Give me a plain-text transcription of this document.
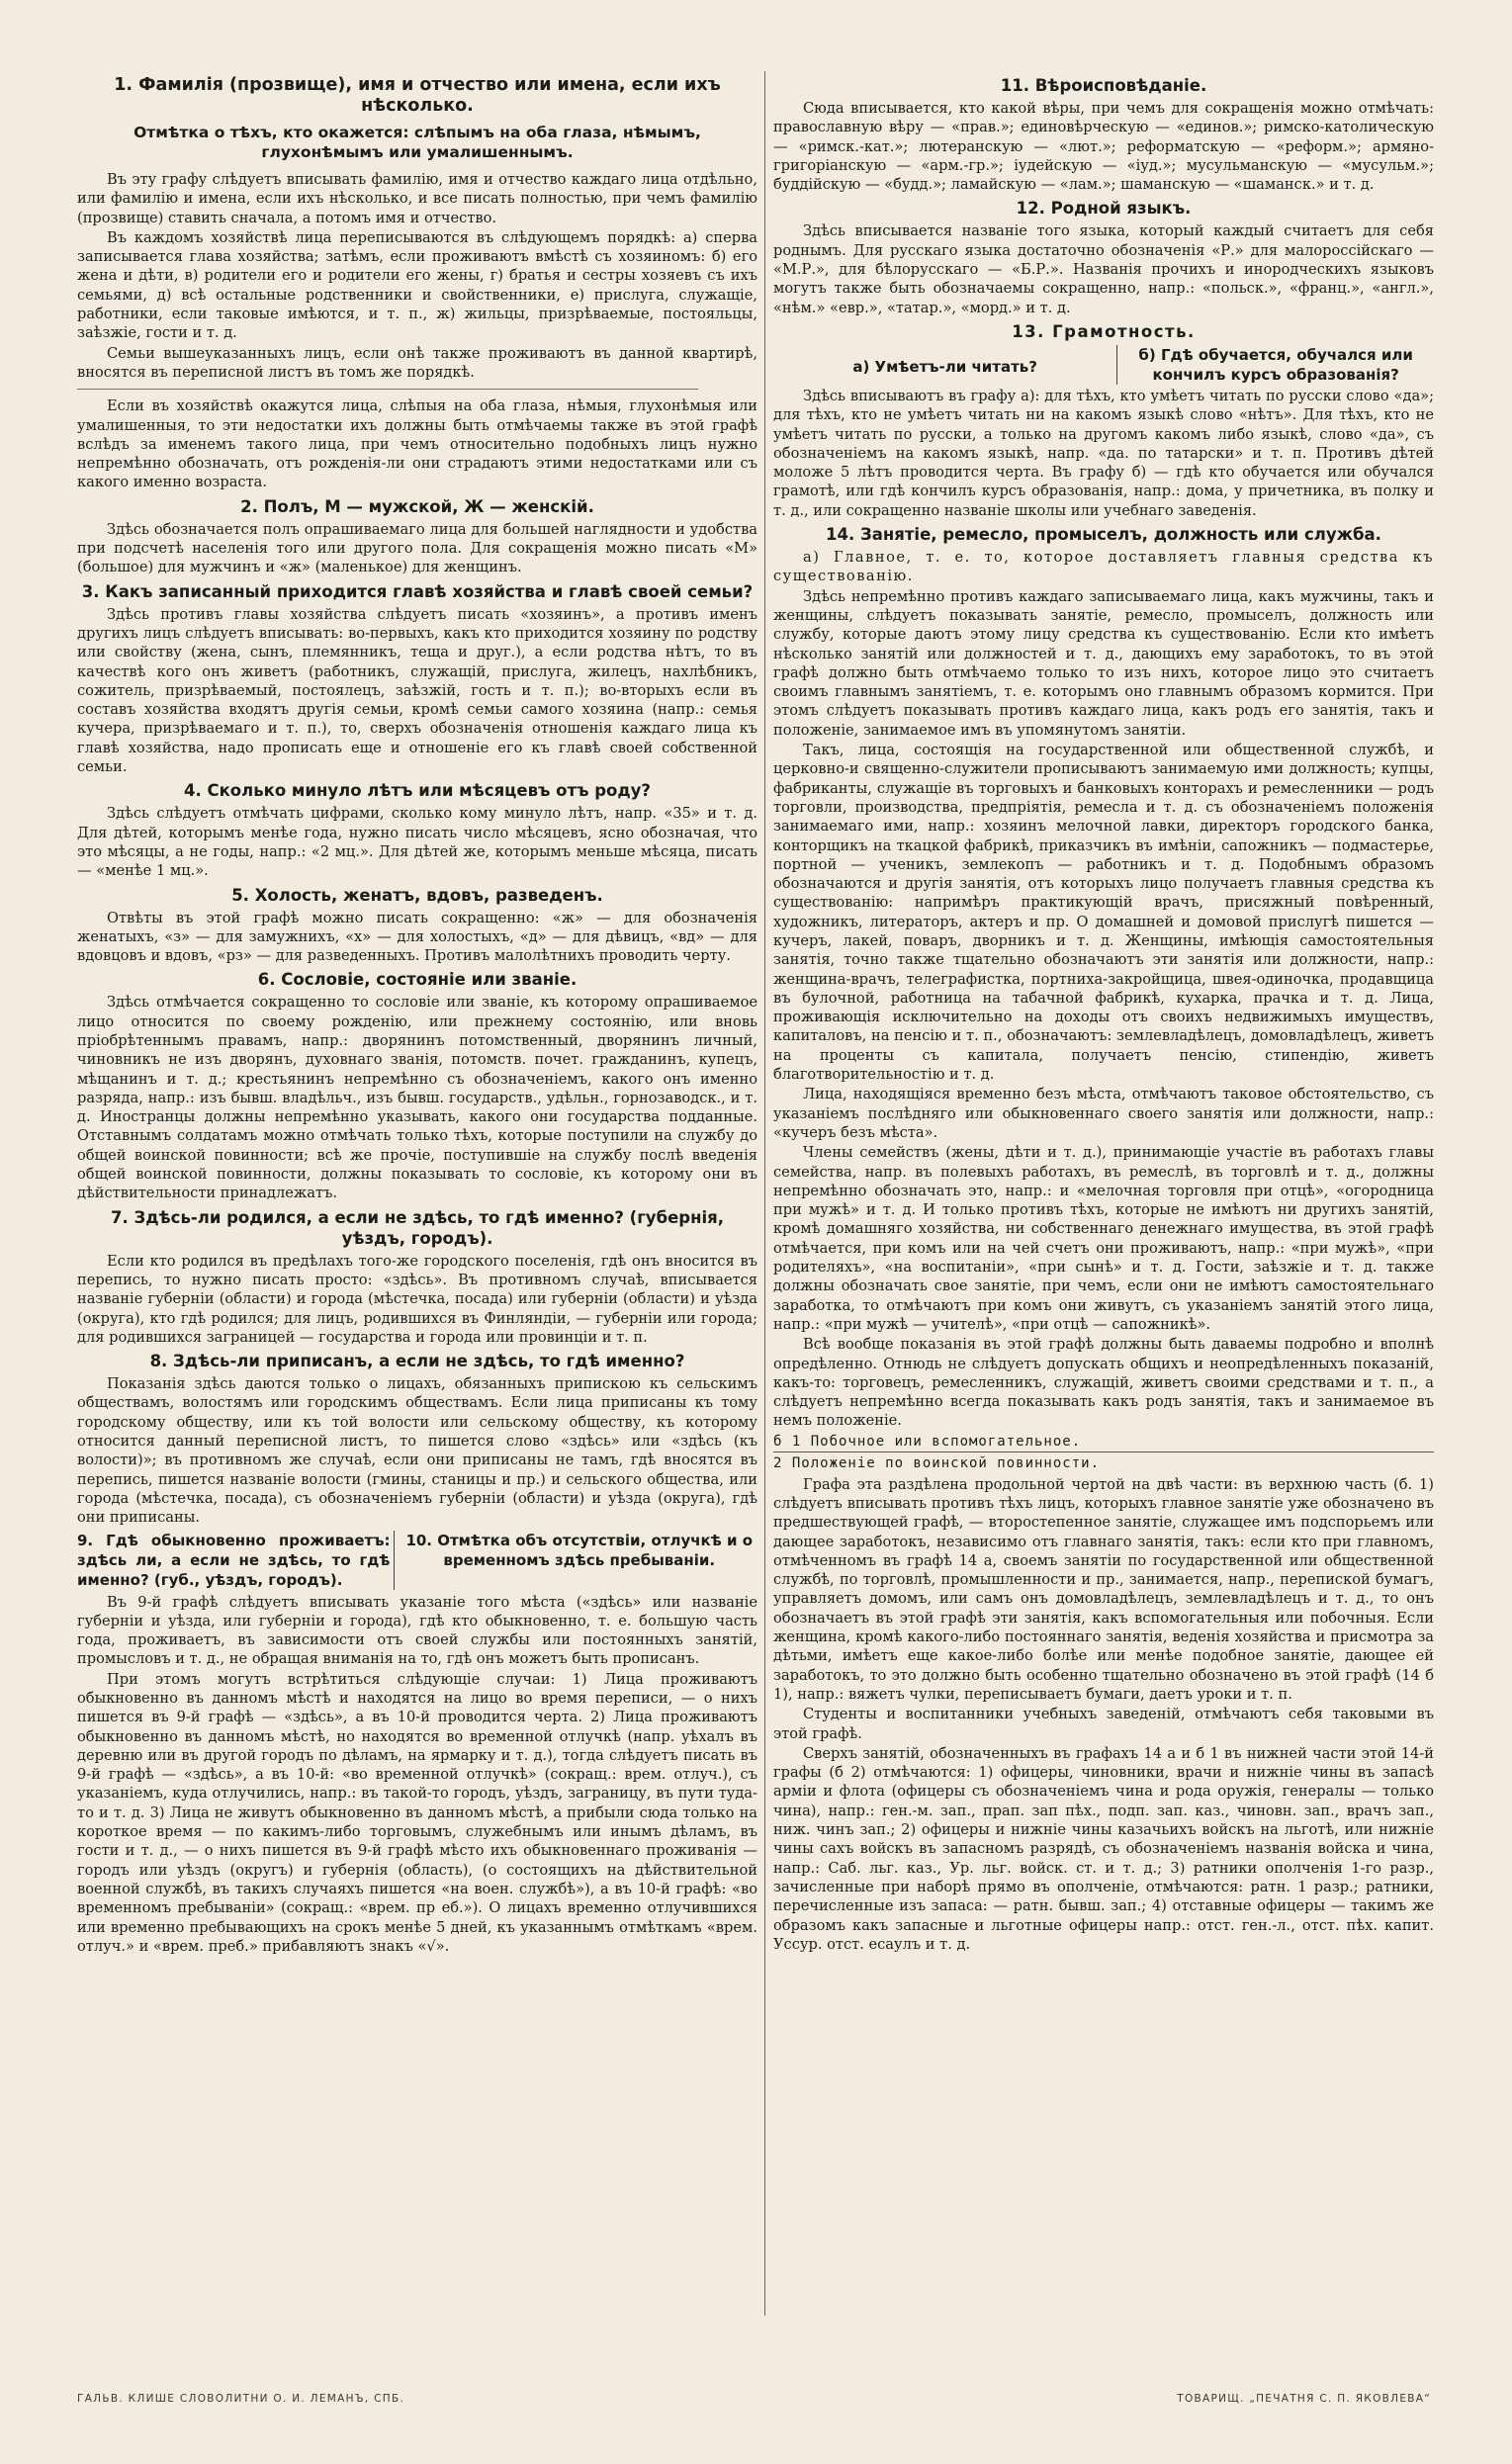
1. Фамилія (прозвище), имя и отчество или имена, если ихъ нѣсколько.
Отмѣтка о тѣхъ, кто окажется: слѣпымъ на оба глаза, нѣмымъ, глухонѣмымъ или умалишеннымъ.

Въ эту графу слѣдуетъ вписывать фамилію, имя и отчество каждаго лица отдѣльно, или фамилію и имена, если ихъ нѣсколько, и все писать полностью, при чемъ фамилію (прозвище) ставить сначала, а потомъ имя и отчество.

Въ каждомъ хозяйствѣ лица переписываются въ слѣдующемъ порядкѣ: а) сперва записывается глава хозяйства; затѣмъ, если проживаютъ вмѣстѣ съ хозяиномъ: б) его жена и дѣти, в) родители его и родители его жены, г) братья и сестры хозяевъ съ ихъ семьями, д) всѣ остальные родственники и свойственники, е) прислуга, служащіе, работники, если таковые имѣются, и т. п., ж) жильцы, призрѣваемые, постояльцы, заѣзжіе, гости и т. д.

Семьи вышеуказанныхъ лицъ, если онѣ также проживаютъ въ данной квартирѣ, вносятся въ переписной листъ въ томъ же порядкѣ.

Если въ хозяйствѣ окажутся лица, слѣпыя на оба глаза, нѣмыя, глухонѣмыя или умалишенныя, то эти недостатки ихъ должны быть отмѣчаемы также въ этой графѣ вслѣдъ за именемъ такого лица, при чемъ относительно подобныхъ лицъ нужно непремѣнно обозначать, отъ рожденія-ли они страдаютъ этими недостатками или съ какого именно возраста.

2. Полъ, М — мужской, Ж — женскій.

Здѣсь обозначается полъ опрашиваемаго лица для большей наглядности и удобства при подсчетѣ населенія того или другого пола. Для сокращенія можно писать «М» (большое) для мужчинъ и «ж» (маленькое) для женщинъ.

3. Какъ записанный приходится главѣ хозяйства и главѣ своей семьи?

Здѣсь противъ главы хозяйства слѣдуетъ писать «хозяинъ», а противъ именъ другихъ лицъ слѣдуетъ вписывать: во-первыхъ, какъ кто приходится хозяину по родству или свойству (жена, сынъ, племянникъ, теща и друг.), а если родства нѣтъ, то въ качествѣ кого онъ живетъ (работникъ, служащій, прислуга, жилецъ, нахлѣбникъ, сожитель, призрѣваемый, постоялецъ, заѣзжій, гость и т. п.); во-вторыхъ если въ составъ хозяйства входятъ другія семьи, кромѣ семьи самого хозяина (напр.: семья кучера, призрѣваемаго и т. п.), то, сверхъ обозначенія отношенія каждаго лица къ главѣ хозяйства, надо прописать еще и отношеніе его къ главѣ своей собственной семьи.

4. Сколько минуло лѣтъ или мѣсяцевъ отъ роду?

Здѣсь слѣдуетъ отмѣчать цифрами, сколько кому минуло лѣтъ, напр. «35» и т. д. Для дѣтей, которымъ менѣе года, нужно писать число мѣсяцевъ, ясно обозначая, что это мѣсяцы, а не годы, напр.: «2 мц.». Для дѣтей же, которымъ меньше мѣсяца, писать — «менѣе 1 мц.».

5. Холость, женатъ, вдовъ, разведенъ.

Отвѣты въ этой графѣ можно писать сокращенно: «ж» — для обозначенія женатыхъ, «з» — для замужнихъ, «х» — для холостыхъ, «д» — для дѣвицъ, «вд» — для вдовцовъ и вдовъ, «рз» — для разведенныхъ. Противъ малолѣтнихъ проводить черту.

6. Сословіе, состояніе или званіе.

Здѣсь отмѣчается сокращенно то сословіе или званіе, къ которому опрашиваемое лицо относится по своему рожденію, или прежнему состоянію, или вновь пріобрѣтеннымъ правамъ, напр.: дворянинъ потомственный, дворянинъ личный, чиновникъ не изъ дворянъ, духовнаго званія, потомств. почет. гражданинъ, купецъ, мѣщанинъ и т. д.; крестьянинъ непремѣнно съ обозначеніемъ, какого онъ именно разряда, напр.: изъ бывш. владѣльч., изъ бывш. государств., удѣльн., горнозаводск., и т. д. Иностранцы должны непремѣнно указывать, какого они государства подданные. Отставнымъ солдатамъ можно отмѣчать только тѣхъ, которые поступили на службу до общей воинской повинности; всѣ же прочіе, поступившіе на службу послѣ введенія общей воинской повинности, должны показывать то сословіе, къ которому они въ дѣйствительности принадлежатъ.

7. Здѣсь-ли родился, а если не здѣсь, то гдѣ именно? (губернія, уѣздъ, городъ).

Если кто родился въ предѣлахъ того-же городского поселенія, гдѣ онъ вносится въ перепись, то нужно писать просто: «здѣсь». Въ противномъ случаѣ, вписывается названіе губерніи (области) и города (мѣстечка, посада) или губерніи (области) и уѣзда (округа), кто гдѣ родился; для лицъ, родившихся въ Финляндіи, — губерніи или города; для родившихся заграницей — государства и города или провинціи и т. п.

8. Здѣсь-ли приписанъ, а если не здѣсь, то гдѣ именно?

Показанія здѣсь даются только о лицахъ, обязанныхъ припискою къ сельскимъ обществамъ, волостямъ или городскимъ обществамъ. Если лица приписаны къ тому городскому обществу, или къ той волости или сельскому обществу, къ которому относится данный переписной листъ, то пишется слово «здѣсь» или «здѣсь (къ волости)»; въ противномъ же случаѣ, если они приписаны не тамъ, гдѣ вносятся въ перепись, пишется названіе волости (гмины, станицы и пр.) и сельского общества, или города (мѣстечка, посада), съ обозначеніемъ губерніи (области) и уѣзда (округа), гдѣ они приписаны.

9. Гдѣ обыкновенно проживаетъ: здѣсь ли, а если не здѣсь, то гдѣ именно? (губ., уѣздъ, городъ).
10. Отмѣтка объ отсутствіи, отлучкѣ и о временномъ здѣсь пребываніи.

Въ 9-й графѣ слѣдуетъ вписывать указаніе того мѣста («здѣсь» или названіе губерніи и уѣзда, или губерніи и города), гдѣ кто обыкновенно, т. е. большую часть года, проживаетъ, въ зависимости отъ своей службы или постоянныхъ занятій, промысловъ и т. д., не обращая вниманія на то, гдѣ онъ можетъ быть прописанъ.

При этомъ могутъ встрѣтиться слѣдующіе случаи: 1) Лица проживаютъ обыкновенно въ данномъ мѣстѣ и находятся на лицо во время переписи, — о нихъ пишется въ 9-й графѣ — «здѣсь», а въ 10-й проводится черта. 2) Лица проживаютъ обыкновенно въ данномъ мѣстѣ, но находятся во временной отлучкѣ (напр. уѣхалъ въ деревню или въ другой городъ по дѣламъ, на ярмарку и т. д.), тогда слѣдуетъ писать въ 9-й графѣ — «здѣсь», а въ 10-й: «во временной отлучкѣ» (сокращ.: врем. отлуч.), съ указаніемъ, куда отлучились, напр.: въ такой-то городъ, уѣздъ, заграницу, въ пути туда-то и т. д. 3) Лица не живутъ обыкновенно въ данномъ мѣстѣ, а прибыли сюда только на короткое время — по какимъ-либо торговымъ, служебнымъ или инымъ дѣламъ, въ гости и т. д., — о нихъ пишется въ 9-й графѣ мѣсто ихъ обыкновеннаго проживанія — городъ или уѣздъ (округъ) и губернія (область), (о состоящихъ на дѣйствительной военной службѣ, въ такихъ случаяхъ пишется «на воен. службѣ»), а въ 10-й графѣ: «во временномъ пребываніи» (сокращ.: «врем. пр еб.»). О лицахъ временно отлучившихся или временно пребывающихъ на срокъ менѣе 5 дней, къ указаннымъ отмѣткамъ «врем. отлуч.» и «врем. преб.» прибавляютъ знакъ «√».

11. Вѣроисповѣданіе.

Сюда вписывается, кто какой вѣры, при чемъ для сокращенія можно отмѣчать: православную вѣру — «прав.»; единовѣрческую — «единов.»; римско-католическую — «римск.-кат.»; лютеранскую — «лют.»; реформатскую — «реформ.»; армяно-григоріанскую — «арм.-гр.»; іудейскую — «іуд.»; мусульманскую — «мусульм.»; буддійскую — «будд.»; ламайскую — «лам.»; шаманскую — «шаманск.» и т. д.

12. Родной языкъ.

Здѣсь вписывается названіе того языка, который каждый считаетъ для себя роднымъ. Для русскаго языка достаточно обозначенія «Р.» для малороссійскаго — «М.Р.», для бѣлорусскаго — «Б.Р.». Названія прочихъ и инородческихъ языковъ могутъ также быть обозначаемы сокращенно, напр.: «польск.», «франц.», «англ.», «нѣм.» «евр.», «татар.», «морд.» и т. д.

13. Грамотность.
а) Умѣетъ-ли читать?
б) Гдѣ обучается, обучался или кончилъ курсъ образованія?

Здѣсь вписываютъ въ графу а): для тѣхъ, кто умѣетъ читать по русски слово «да»; для тѣхъ, кто не умѣетъ читать ни на какомъ языкѣ слово «нѣтъ». Для тѣхъ, кто не умѣетъ читать по русски, а только на другомъ какомъ либо языкѣ, слово «да», съ обозначеніемъ на какомъ языкѣ, напр. «да. по татарски» и т. п. Противъ дѣтей моложе 5 лѣтъ проводится черта. Въ графу б) — гдѣ кто обучается или обучался грамотѣ, или гдѣ кончилъ курсъ образованія, напр.: дома, у причетника, въ полку и т. д., или сокращенно названіе школы или учебнаго заведенія.

14. Занятіе, ремесло, промыселъ, должность или служба.

а) Главное, т. е. то, которое доставляетъ главныя средства къ существованію.

Здѣсь непремѣнно противъ каждаго записываемаго лица, какъ мужчины, такъ и женщины, слѣдуетъ показывать занятіе, ремесло, промыселъ, должность или службу, которые даютъ этому лицу средства къ существованію. Если кто имѣетъ нѣсколько занятій или должностей и т. д., дающихъ ему заработокъ, то въ этой графѣ должно быть отмѣчаемо только то изъ нихъ, которое лицо это считаетъ своимъ главнымъ занятіемъ, т. е. которымъ оно главнымъ образомъ кормится. При этомъ слѣдуетъ показывать противъ каждаго лица, какъ родъ его занятія, такъ и положеніе, занимаемое имъ въ упомянутомъ занятіи.

Такъ, лица, состоящія на государственной или общественной службѣ, и церковно-и священно-служители прописываютъ занимаемую ими должность; купцы, фабриканты, служащіе въ торговыхъ и банковыхъ конторахъ и ремесленники — родъ торговли, производства, предпріятія, ремесла и т. д. съ обозначеніемъ положенія занимаемаго ими, напр.: хозяинъ мелочной лавки, директоръ городского банка, конторщикъ на ткацкой фабрикѣ, приказчикъ въ имѣніи, сапожникъ — подмастерье, портной — ученикъ, землекопъ — работникъ и т. д. Подобнымъ образомъ обозначаются и другія занятія, отъ которыхъ лицо получаетъ главныя средства къ существованію: напримѣръ практикующій врачъ, присяжный повѣренный, художникъ, литераторъ, актеръ и пр. О домашней и домовой прислугѣ пишется — кучеръ, лакей, поваръ, дворникъ и т. д. Женщины, имѣющія самостоятельныя занятія, точно также тщательно обозначаютъ эти занятія или должности, напр.: женщина-врачъ, телеграфистка, портниха-закройщица, швея-одиночка, продавщица въ булочной, работница на табачной фабрикѣ, кухарка, прачка и т. д. Лица, проживающія исключительно на доходы отъ своихъ недвижимыхъ имуществъ, капиталовъ, на пенсію и т. п., обозначаютъ: землевладѣлецъ, домовладѣлецъ, живетъ на проценты съ капитала, получаетъ пенсію, стипендію, живетъ благотворительностію и т. д.

Лица, находящіяся временно безъ мѣста, отмѣчаютъ таковое обстоятельство, съ указаніемъ послѣдняго или обыкновеннаго своего занятія или должности, напр.: «кучеръ безъ мѣста».

Члены семействъ (жены, дѣти и т. д.), принимающіе участіе въ работахъ главы семейства, напр. въ полевыхъ работахъ, въ ремеслѣ, въ торговлѣ и т. д., должны непремѣнно обозначать это, напр.: и «мелочная торговля при отцѣ», «огородница при мужѣ» и т. д. И только противъ тѣхъ, которые не имѣютъ ни другихъ занятій, кромѣ домашняго хозяйства, ни собственнаго денежнаго имущества, въ этой графѣ отмѣчается, при комъ или на чей счетъ они проживаютъ, напр.: «при мужѣ», «при родителяхъ», «на воспитаніи», «при сынѣ» и т. д. Гости, заѣзжіе и т. д. также должны обозначать свое занятіе, при чемъ, если они не имѣютъ самостоятельнаго заработка, то отмѣчаютъ при комъ они живутъ, съ указаніемъ занятій этого лица, напр.: «при мужѣ — учителѣ», «при отцѣ — сапожникѣ».

Всѣ вообще показанія въ этой графѣ должны быть даваемы подробно и вполнѣ опредѣленно. Отнюдь не слѣдуетъ допускать общихъ и неопредѣленныхъ показаній, какъ-то: торговецъ, ремесленникъ, служащій, живетъ своими средствами и т. п., а слѣдуетъ непремѣнно всегда показывать какъ родъ занятія, такъ и занимаемое въ немъ положеніе.

б 1 Побочное или вспомогательное.
2 Положеніе по воинской повинности.

Графа эта раздѣлена продольной чертой на двѣ части: въ верхнюю часть (б. 1) слѣдуетъ вписывать противъ тѣхъ лицъ, которыхъ главное занятіе уже обозначено въ предшествующей графѣ, — второстепенное занятіе, служащее имъ подспорьемъ или дающее заработокъ, независимо отъ главнаго занятія, такъ: если кто при главномъ, отмѣченномъ въ графѣ 14 а, своемъ занятіи по государственной или общественной службѣ, по торговлѣ, промышленности и пр., занимается, напр., перепиской бумагъ, управляетъ домомъ, или самъ онъ домовладѣлецъ, землевладѣлецъ и т. д., то онъ обозначаетъ въ этой графѣ эти занятія, какъ вспомогательныя или побочныя. Если женщина, кромѣ какого-либо постояннаго занятія, веденія хозяйства и присмотра за дѣтьми, имѣетъ еще какое-либо болѣе или менѣе подобное занятіе, дающее ей заработокъ, то это должно быть особенно тщательно обозначено въ этой графѣ (14 б 1), напр.: вяжетъ чулки, переписываетъ бумаги, даетъ уроки и т. п.

Студенты и воспитанники учебныхъ заведеній, отмѣчаютъ себя таковыми въ этой графѣ.

Сверхъ занятій, обозначенныхъ въ графахъ 14 а и б 1 въ нижней части этой 14-й графы (б 2) отмѣчаются: 1) офицеры, чиновники, врачи и нижніе чины въ запасѣ арміи и флота (офицеры съ обозначеніемъ чина и рода оружія, генералы — только чина), напр.: ген.-м. зап., прап. зап пѣх., подп. зап. каз., чиновн. зап., врачъ зап., ниж. чинъ зап.; 2) офицеры и нижніе чины казачьихъ войскъ на льготѣ, или нижніе чины сахъ войскъ въ запасномъ разрядѣ, съ обозначеніемъ названія войска и чина, напр.: Саб. льг. каз., Ур. льг. войск. ст. и т. д.; 3) ратники ополченія 1-го разр., зачисленные при наборѣ прямо въ ополченіе, отмѣчаются: ратн. 1 разр.; ратники, перечисленные изъ запаса: — ратн. бывш. зап.; 4) отставные офицеры — такимъ же образомъ какъ запасные и льготные офицеры напр.: отст. ген.-л., отст. пѣх. капит. Уссур. отст. есаулъ и т. д.

ГАЛЬВ. КЛИШЕ СЛОВОЛИТНИ О. И. ЛЕМАНЪ, СПБ.	ТОВАРИЩ. „ПЕЧАТНЯ С. П. ЯКОВЛЕВА“
